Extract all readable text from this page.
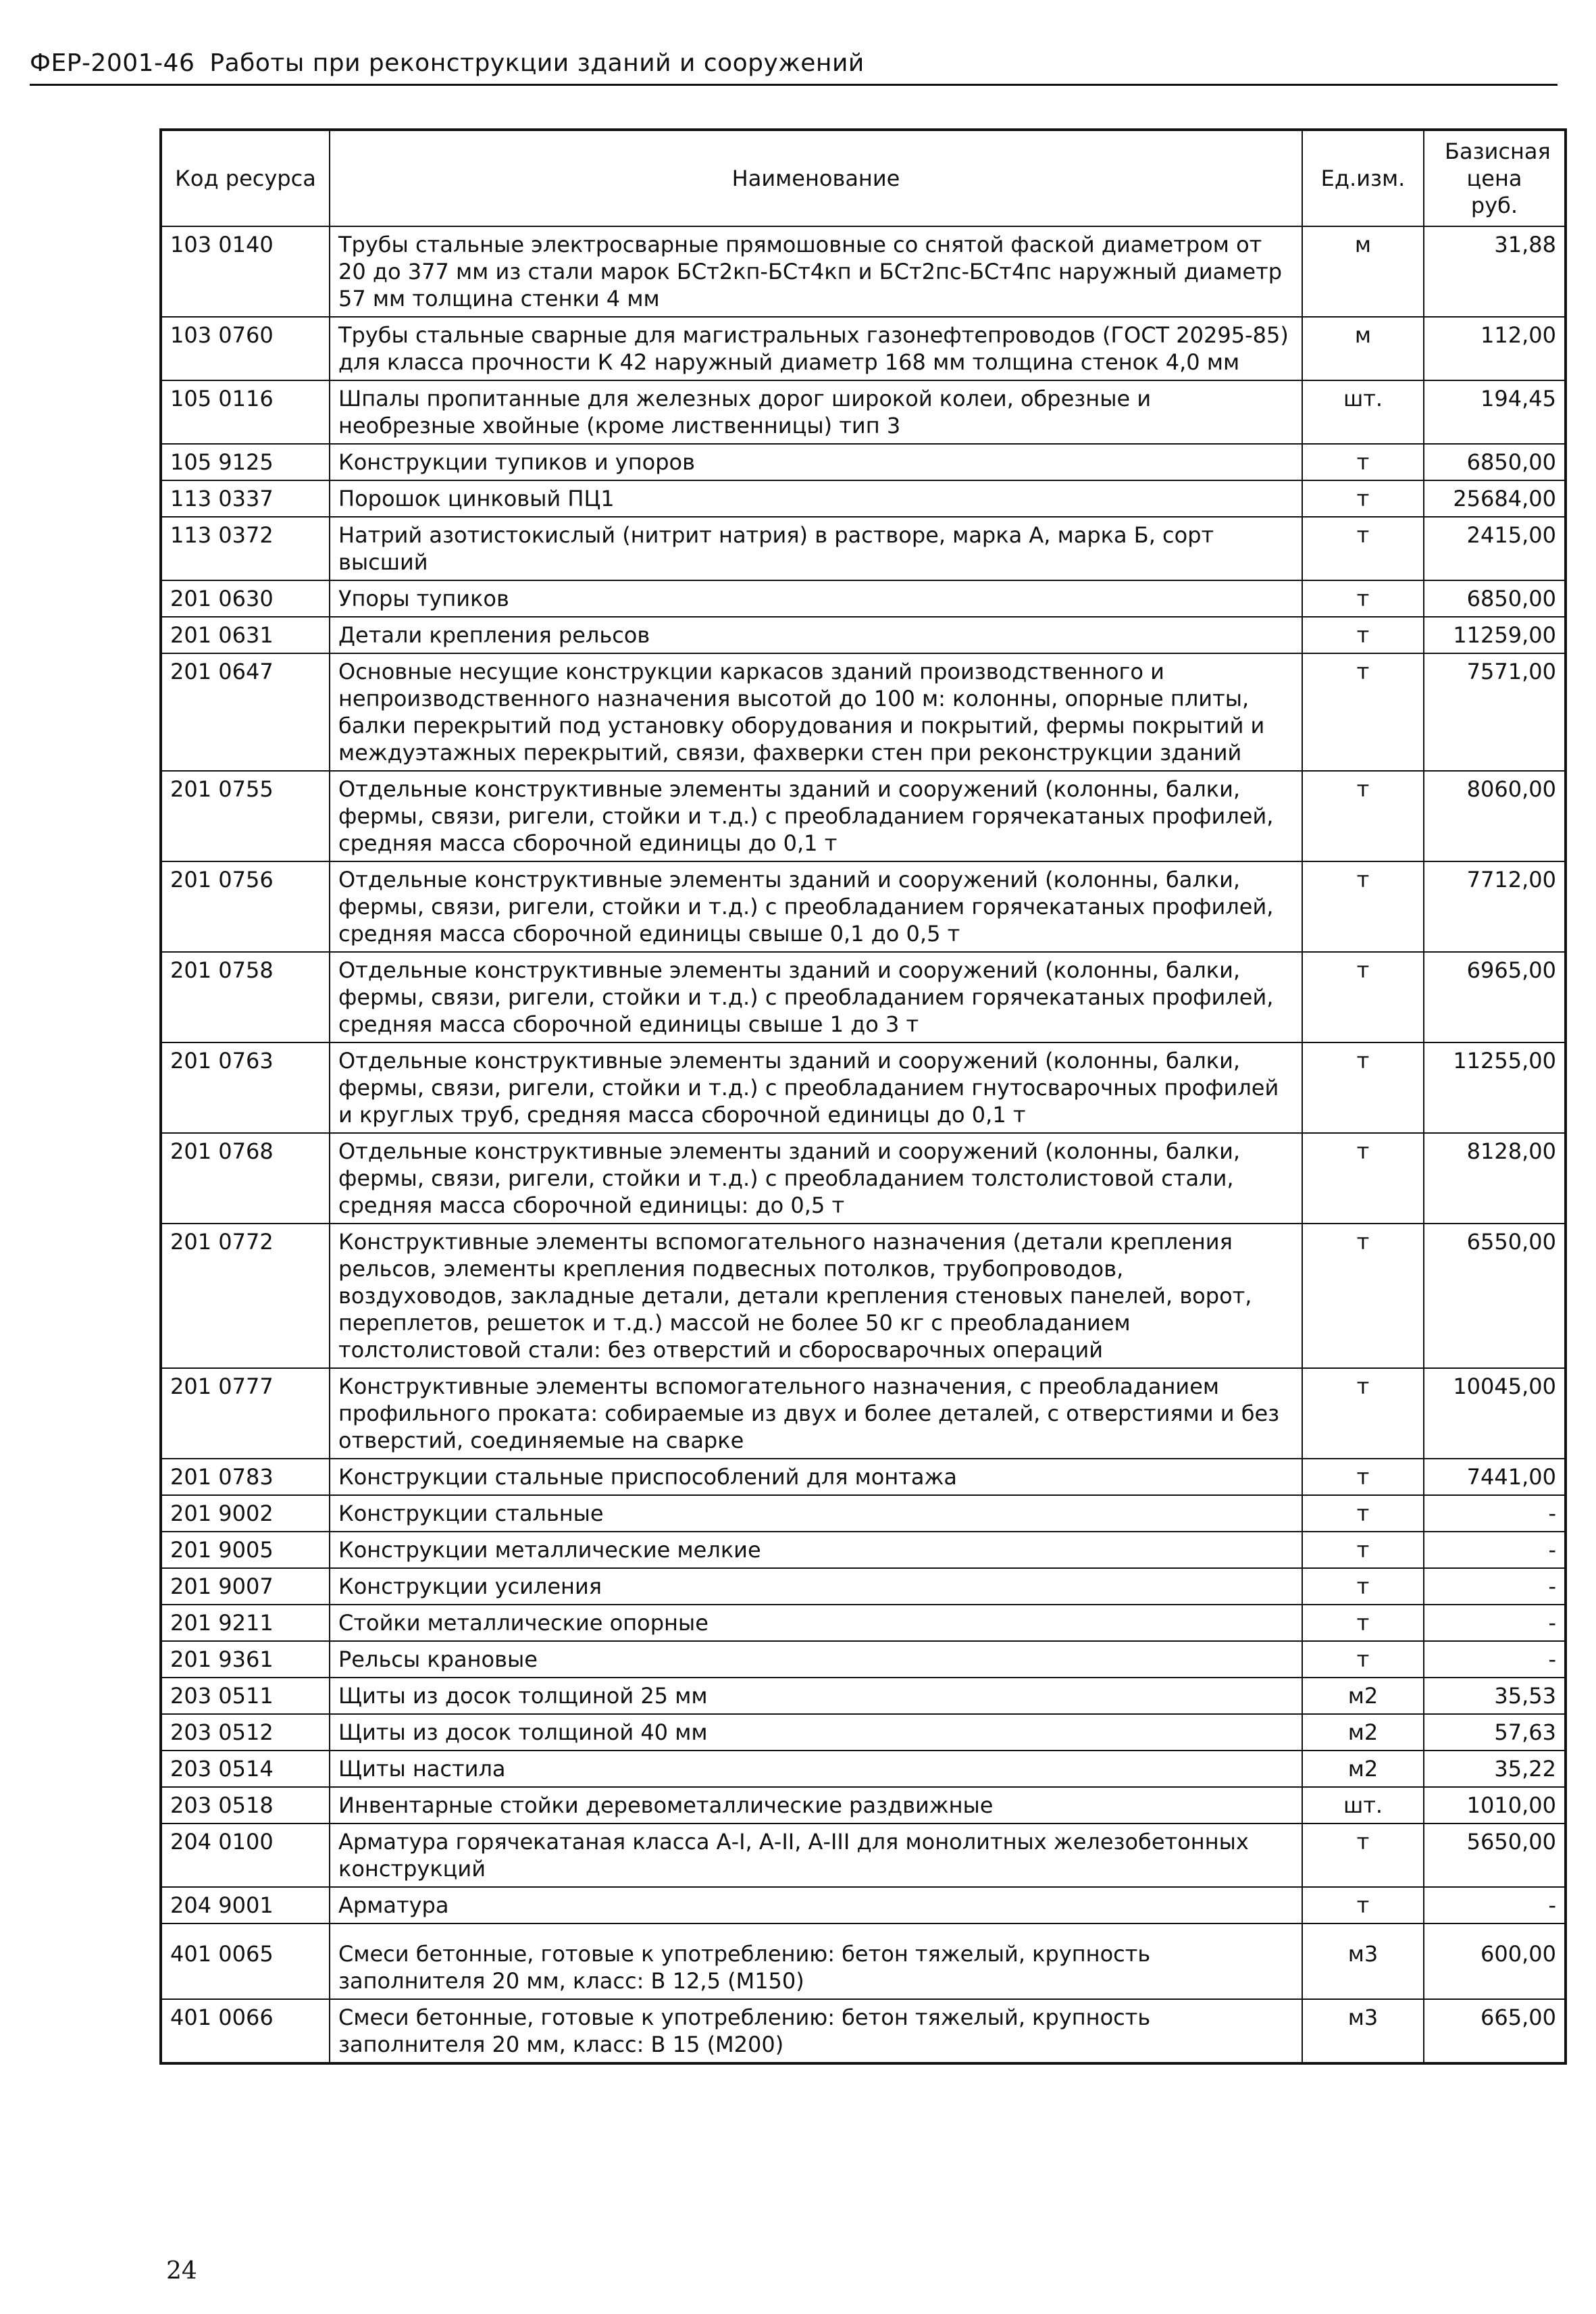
ФЕР-2001-46 Работы при реконструкции зданий и сооружений
Код ресурса	Наименование	Ед.изм.	Базисная цена руб.
103 0140	Трубы стальные электросварные прямошовные со снятой фаской диаметром от 20 до 377 мм из стали марок БСт2кп-БСт4кп и БСт2пс-БСт4пс наружный диаметр 57 мм толщина стенки 4 мм	м	31,88
103 0760	Трубы стальные сварные для магистральных газонефтепроводов (ГОСТ 20295-85) для класса прочности К 42 наружный диаметр 168 мм толщина стенок 4,0 мм	м	112,00
105 0116	Шпалы пропитанные для железных дорог широкой колеи, обрезные и необрезные хвойные (кроме лиственницы) тип 3	шт.	194,45
105 9125	Конструкции тупиков и упоров	т	6850,00
113 0337	Порошок цинковый ПЦ1	т	25684,00
113 0372	Натрий азотистокислый (нитрит натрия) в растворе, марка А, марка Б, сорт высший	т	2415,00
201 0630	Упоры тупиков	т	6850,00
201 0631	Детали крепления рельсов	т	11259,00
201 0647	Основные несущие конструкции каркасов зданий производственного и непроизводственного назначения высотой до 100 м: колонны, опорные плиты, балки перекрытий под установку оборудования и покрытий, фермы покрытий и междуэтажных перекрытий, связи, фахверки стен при реконструкции зданий	т	7571,00
201 0755	Отдельные конструктивные элементы зданий и сооружений (колонны, балки, фермы, связи, ригели, стойки и т.д.) с преобладанием горячекатаных профилей, средняя масса сборочной единицы до 0,1 т	т	8060,00
201 0756	Отдельные конструктивные элементы зданий и сооружений (колонны, балки, фермы, связи, ригели, стойки и т.д.) с преобладанием горячекатаных профилей, средняя масса сборочной единицы свыше 0,1 до 0,5 т	т	7712,00
201 0758	Отдельные конструктивные элементы зданий и сооружений (колонны, балки, фермы, связи, ригели, стойки и т.д.) с преобладанием горячекатаных профилей, средняя масса сборочной единицы свыше 1 до 3 т	т	6965,00
201 0763	Отдельные конструктивные элементы зданий и сооружений (колонны, балки, фермы, связи, ригели, стойки и т.д.) с преобладанием гнутосварочных профилей и круглых труб, средняя масса сборочной единицы до 0,1 т	т	11255,00
201 0768	Отдельные конструктивные элементы зданий и сооружений (колонны, балки, фермы, связи, ригели, стойки и т.д.) с преобладанием толстолистовой стали, средняя масса сборочной единицы: до 0,5 т	т	8128,00
201 0772	Конструктивные элементы вспомогательного назначения (детали крепления рельсов, элементы крепления подвесных потолков, трубопроводов, воздуховодов, закладные детали, детали крепления стеновых панелей, ворот, переплетов, решеток и т.д.) массой не более 50 кг с преобладанием толстолистовой стали: без отверстий и сборосварочных операций	т	6550,00
201 0777	Конструктивные элементы вспомогательного назначения, с преобладанием профильного проката: собираемые из двух и более деталей, с отверстиями и без отверстий, соединяемые на сварке	т	10045,00
201 0783	Конструкции стальные приспособлений для монтажа	т	7441,00
201 9002	Конструкции стальные	т	-
201 9005	Конструкции металлические мелкие	т	-
201 9007	Конструкции усиления	т	-
201 9211	Стойки металлические опорные	т	-
201 9361	Рельсы крановые	т	-
203 0511	Щиты из досок толщиной 25 мм	м2	35,53
203 0512	Щиты из досок толщиной 40 мм	м2	57,63
203 0514	Щиты настила	м2	35,22
203 0518	Инвентарные стойки деревометаллические раздвижные	шт.	1010,00
204 0100	Арматура горячекатаная класса А-I, А-II, А-III для монолитных железобетонных конструкций	т	5650,00
204 9001	Арматура	т	-
401 0065	Смеси бетонные, готовые к употреблению: бетон тяжелый, крупность заполнителя 20 мм, класс: В 12,5 (М150)	м3	600,00
401 0066	Смеси бетонные, готовые к употреблению: бетон тяжелый, крупность заполнителя 20 мм, класс: В 15 (М200)	м3	665,00
24
